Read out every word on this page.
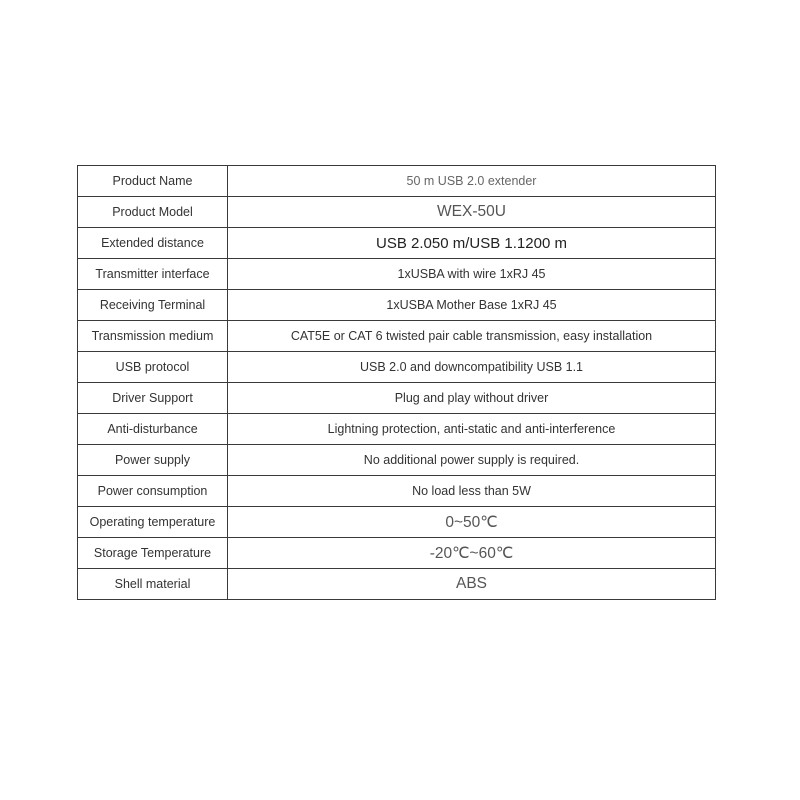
Product Name	50 m USB 2.0 extender
Product Model	WEX-50U
Extended distance	USB 2.050 m/USB 1.1200 m
Transmitter interface	1xUSBA with wire 1xRJ 45
Receiving Terminal	1xUSBA Mother Base 1xRJ 45
Transmission medium	CAT5E or CAT 6 twisted pair cable transmission, easy installation
USB protocol	USB 2.0 and downcompatibility USB 1.1
Driver Support	Plug and play without driver
Anti-disturbance	Lightning protection, anti-static and anti-interference
Power supply	No additional power supply is required.
Power consumption	No load less than 5W
Operating temperature	0~50℃
Storage Temperature	-20℃~60℃
Shell material	ABS
